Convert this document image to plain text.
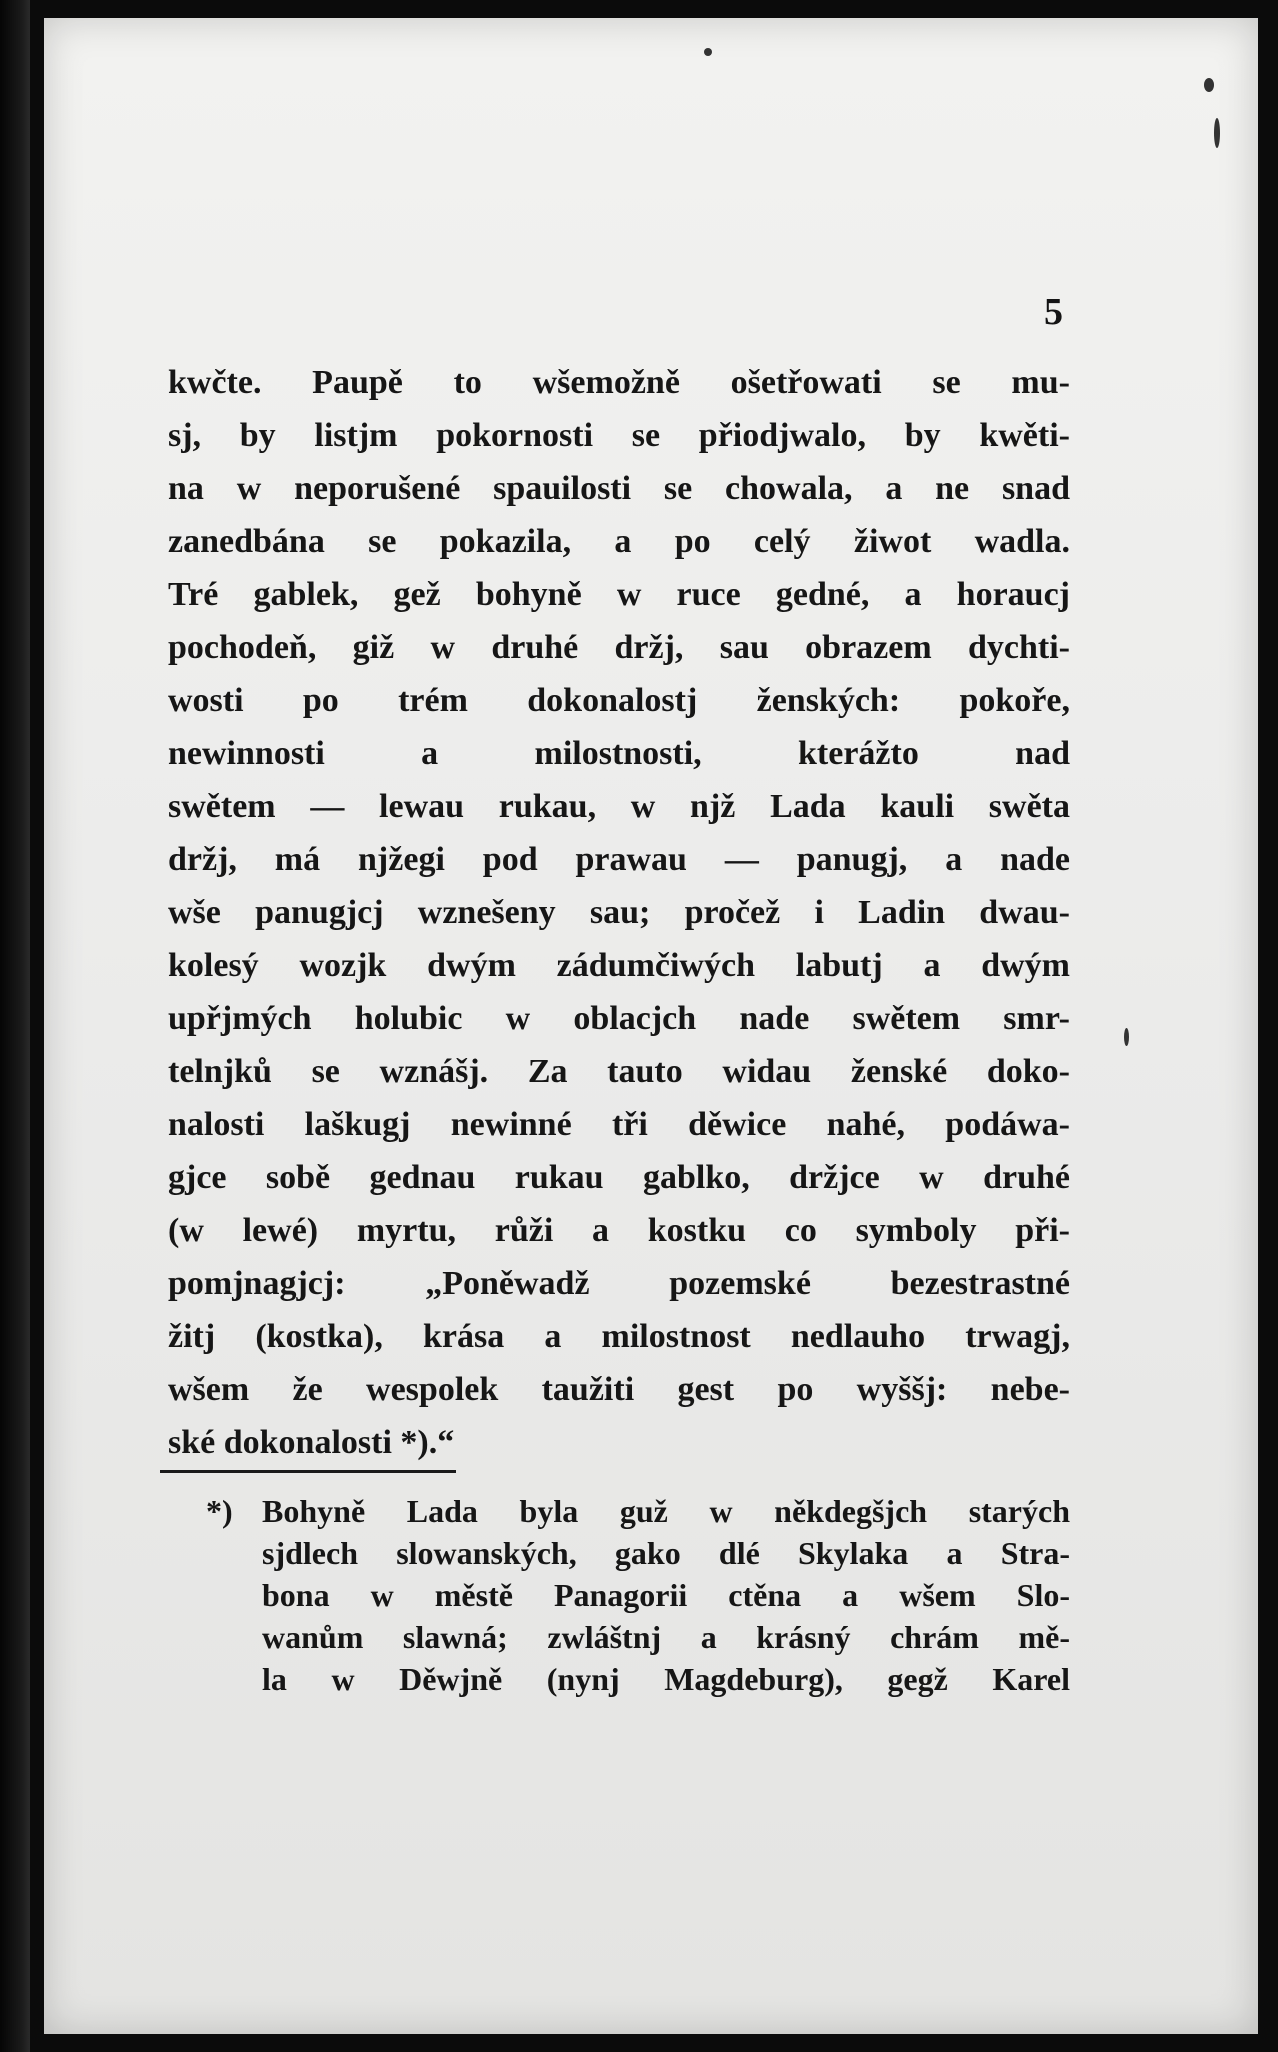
5
kwčte. Paupě to wšemožně ošetřowati se mu-
sj, by listjm pokornosti se přiodjwalo, by kwěti-
na w neporušené spauilosti se chowala, a ne snad
zanedbána se pokazila, a po celý žiwot wadla.
Tré gablek, gež bohyně w ruce gedné, a horaucj
pochodeň, giž w druhé držj, sau obrazem dychti-
wosti po trém dokonalostj ženských: pokoře,
newinnosti a milostnosti, kterážto nad
swětem — lewau rukau, w njž Lada kauli swěta
držj, má njžegi pod prawau — panugj, a nade
wše panugjcj wznešeny sau; pročež i Ladin dwau-
kolesý wozjk dwým zádumčiwých labutj a dwým
upřjmých holubic w oblacjch nade swětem smr-
telnjků se wznášj. Za tauto widau ženské doko-
nalosti laškugj newinné tři děwice nahé, podáwa-
gjce sobě gednau rukau gablko, držjce w druhé
(w lewé) myrtu, růži a kostku co symboly při-
pomjnagjcj: „Poněwadž pozemské bezestrastné
žitj (kostka), krása a milostnost nedlauho trwagj,
wšem že wespolek taužiti gest po wyššj: nebe-
ské dokonalosti *).“
*) Bohyně Lada byla guž w někdegšjch starých
sjdlech slowanských, gako dlé Skylaka a Stra-
bona w městě Panagorii ctěna a wšem Slo-
wanům slawná; zwláštnj a krásný chrám mě-
la w Děwjně (nynj Magdeburg), gegž Karel
